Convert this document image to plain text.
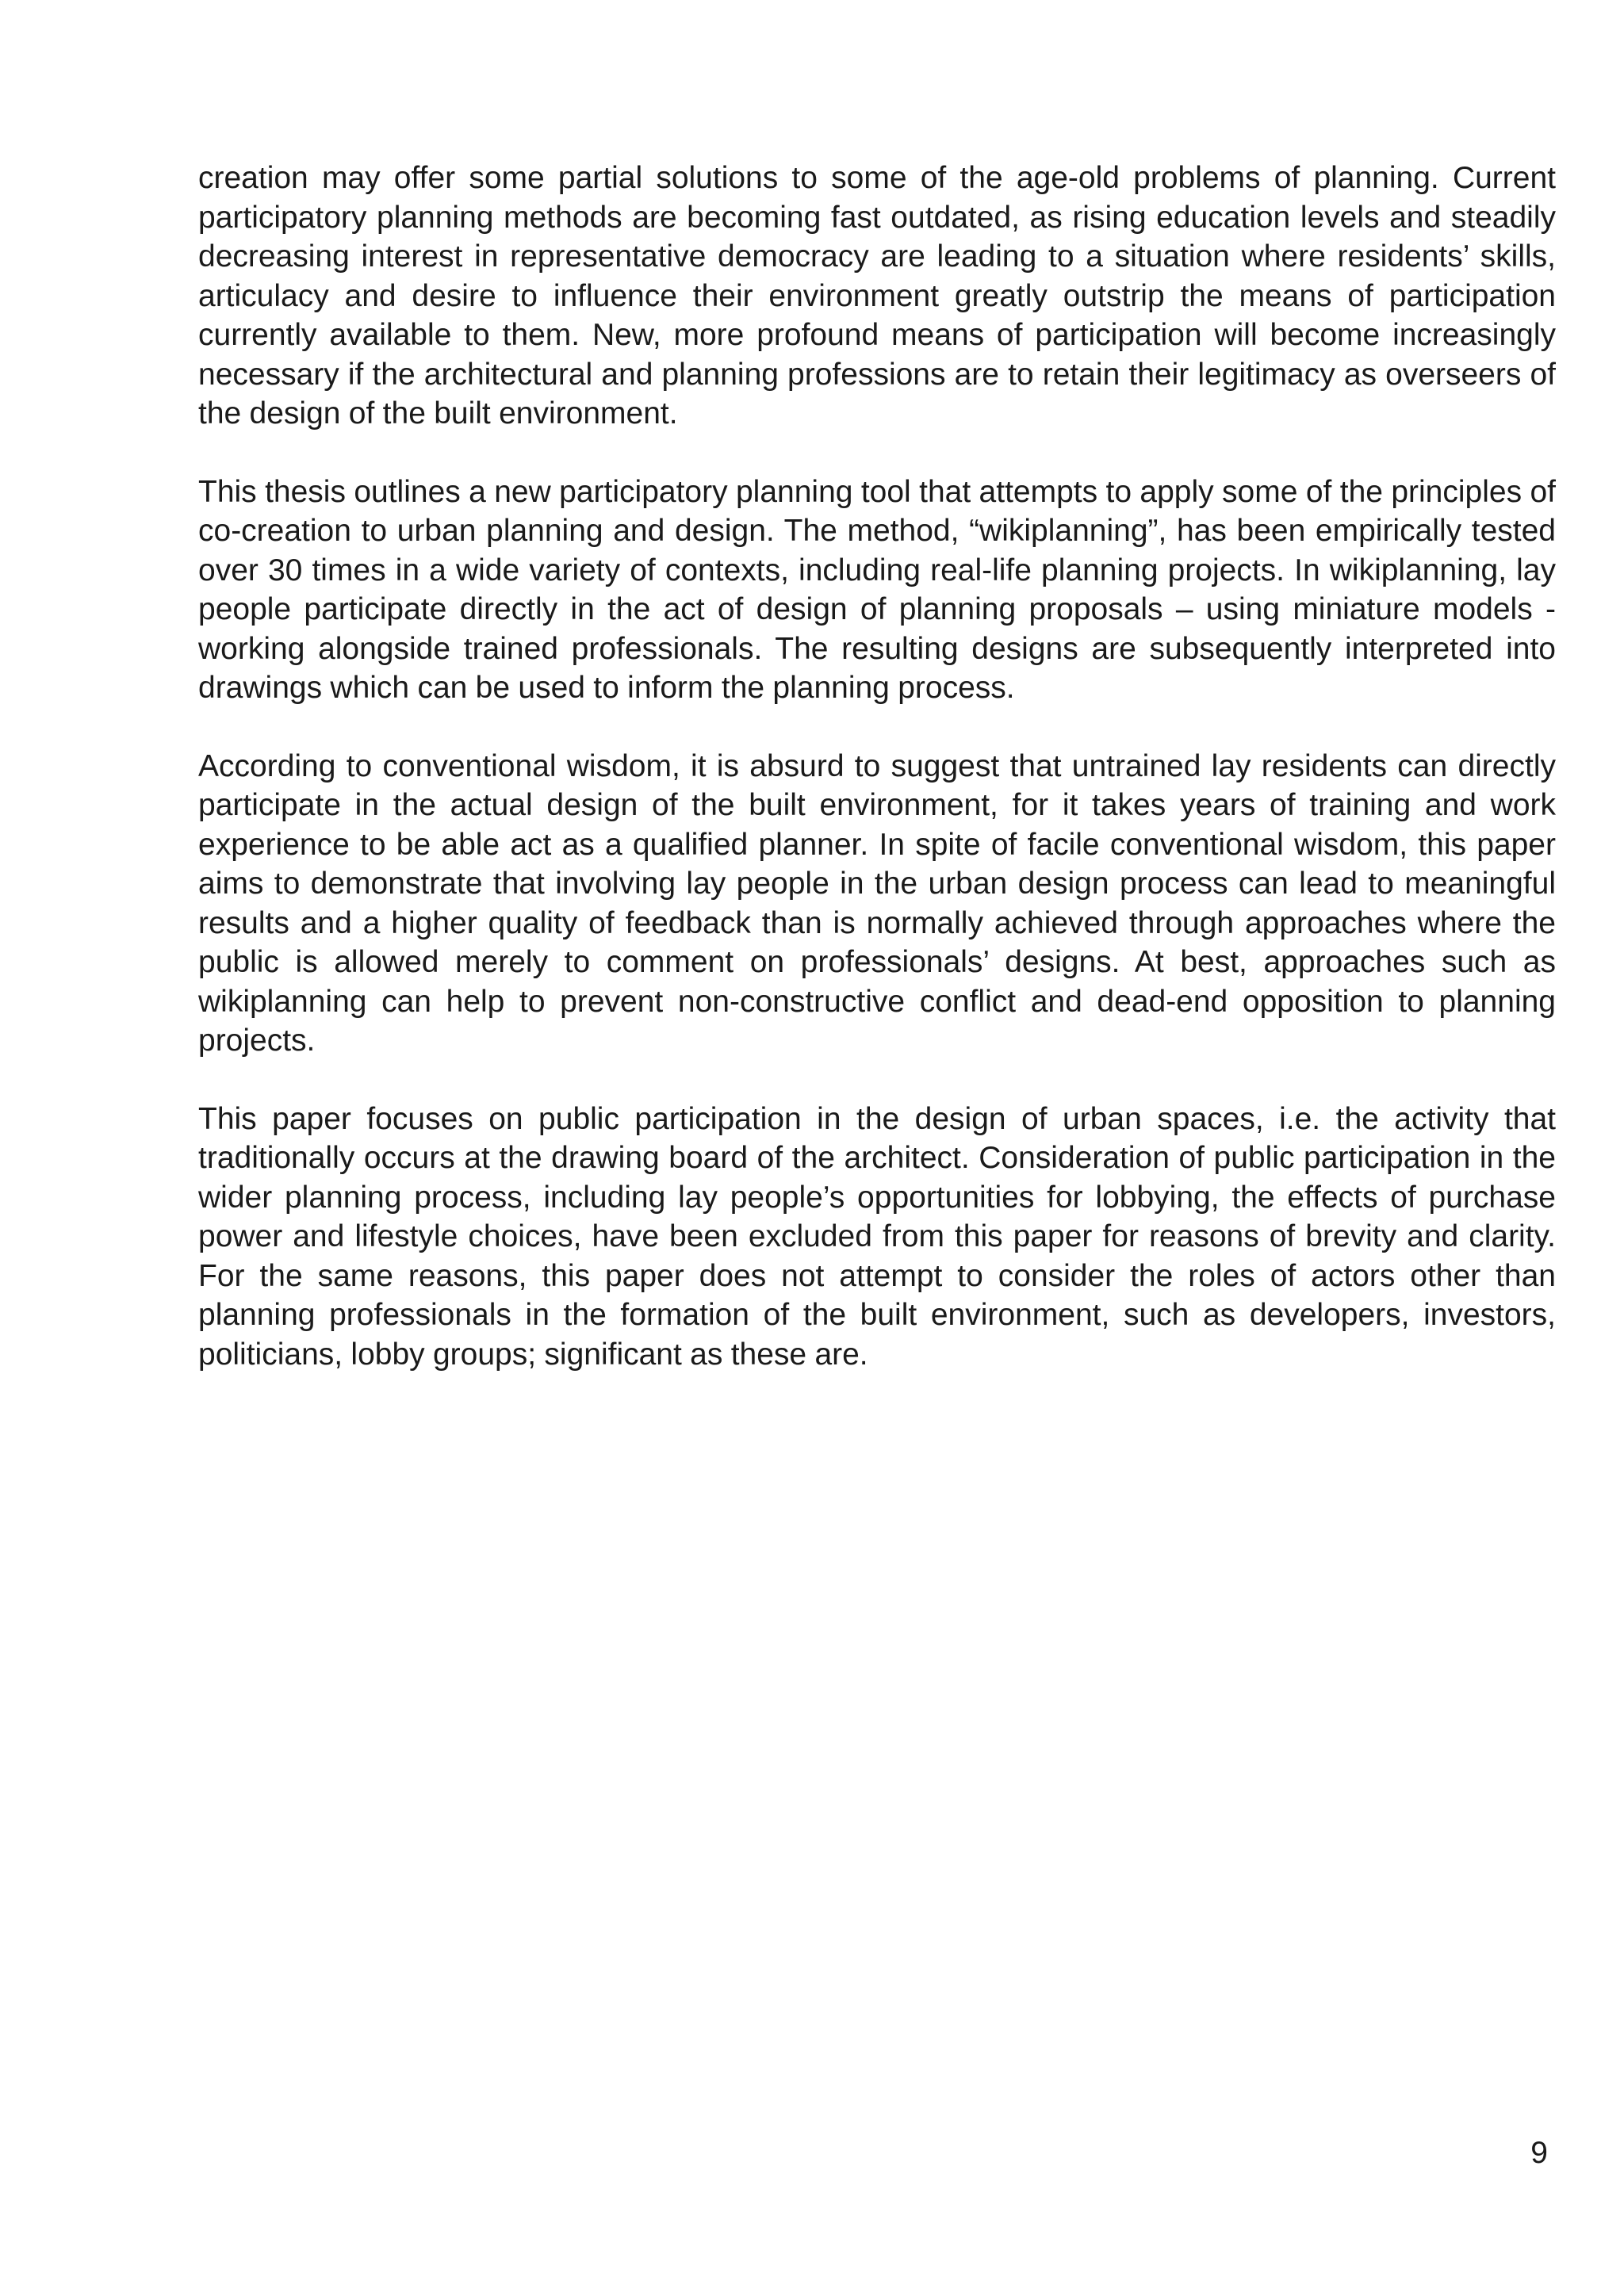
creation may offer some partial solutions to some of the age-old problems of planning. Current participatory planning methods are becoming fast outdated, as rising education levels and steadily decreasing interest in representative democracy are leading to a situation where residents’ skills, articulacy and desire to influence their environment greatly outstrip the means of participation currently available to them. New, more profound means of participation will become increasingly necessary if the architectural and planning professions are to retain their legitimacy as overseers of the design of the built environment.

This thesis outlines a new participatory planning tool that attempts to apply some of the principles of co-creation to urban planning and design. The method, “wikiplanning”, has been empirically tested over 30 times in a wide variety of contexts, including real-life planning projects. In wikiplanning, lay people participate directly in the act of design of planning proposals – using miniature models - working alongside trained professionals. The resulting designs are subsequently interpreted into drawings which can be used to inform the planning process.

According to conventional wisdom, it is absurd to suggest that untrained lay residents can directly participate in the actual design of the built environment, for it takes years of training and work experience to be able act as a qualified planner. In spite of facile conventional wisdom, this paper aims to demonstrate that involving lay people in the urban design process can lead to meaningful results and a higher quality of feedback than is normally achieved through approaches where the public is allowed merely to comment on professionals’ designs. At best, approaches such as wikiplanning can help to prevent non-constructive conflict and dead-end opposition to planning projects.

This paper focuses on public participation in the design of urban spaces, i.e. the activity that traditionally occurs at the drawing board of the architect. Consideration of public participation in the wider planning process, including lay people’s opportunities for lobbying, the effects of purchase power and lifestyle choices, have been excluded from this paper for reasons of brevity and clarity. For the same reasons, this paper does not attempt to consider the roles of actors other than planning professionals in the formation of the built environment, such as developers, investors, politicians, lobby groups; significant as these are.

9
